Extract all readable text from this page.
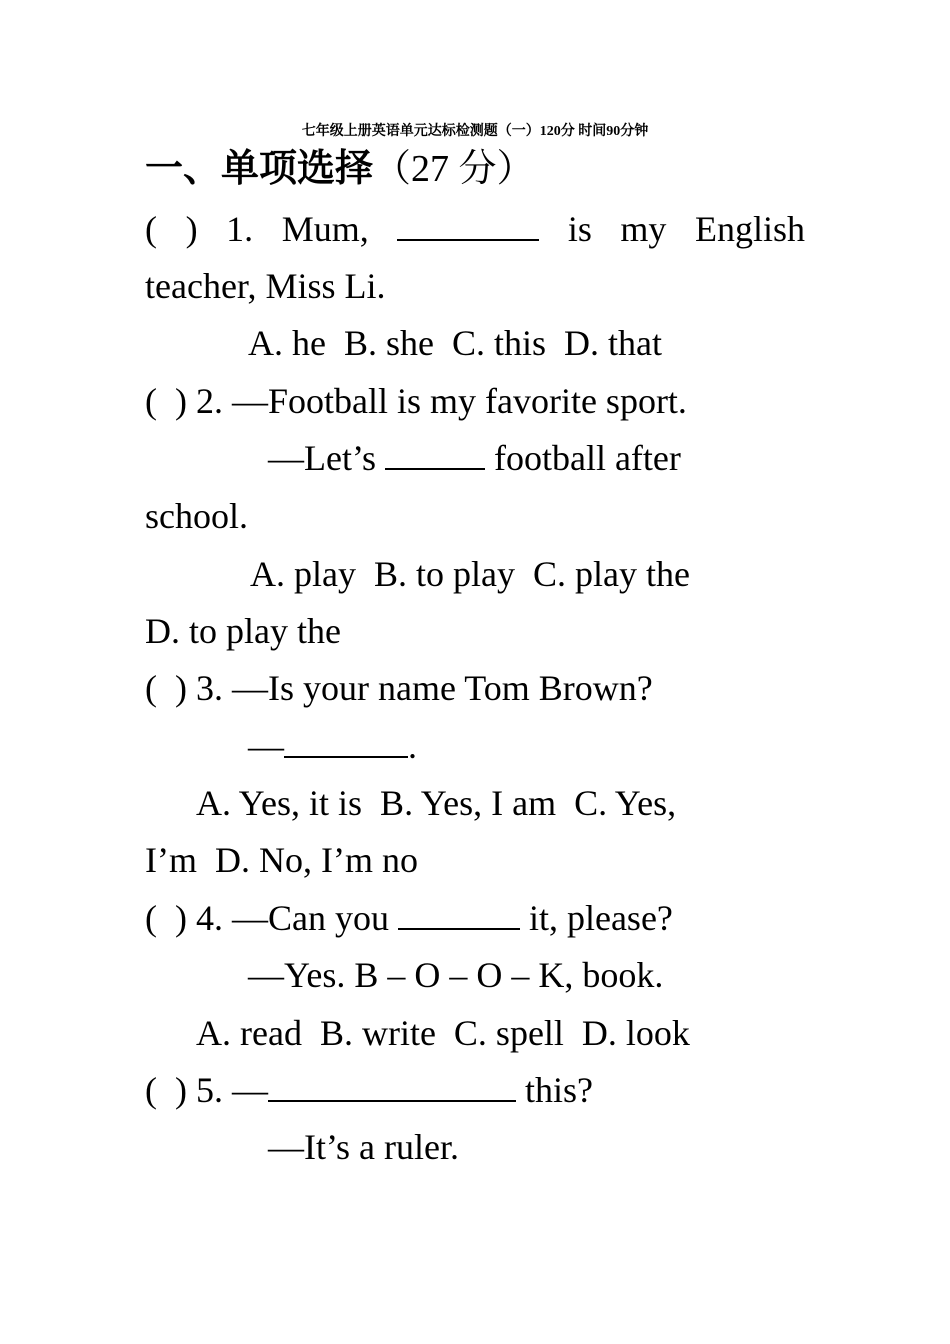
七年级上册英语单元达标检测题（一）120分 时间90分钟
一、单项选择（27 分）
( ) 1. Mum,	is my English
teacher, Miss Li.
A. he  B. she  C. this  D. that
(  ) 2. —Football is my favorite sport.
—Let’s	football after
school.
A. play  B. to play  C. play the
D. to play the
(  ) 3. —Is your name Tom Brown?
—	.
A. Yes, it is  B. Yes, I am  C. Yes,
I’m  D. No, I’m no
(  ) 4. —Can you	it, please?
—Yes. B – O – O – K, book.
A. read  B. write  C. spell  D. look
(  ) 5. —	this?
—It’s a ruler.
